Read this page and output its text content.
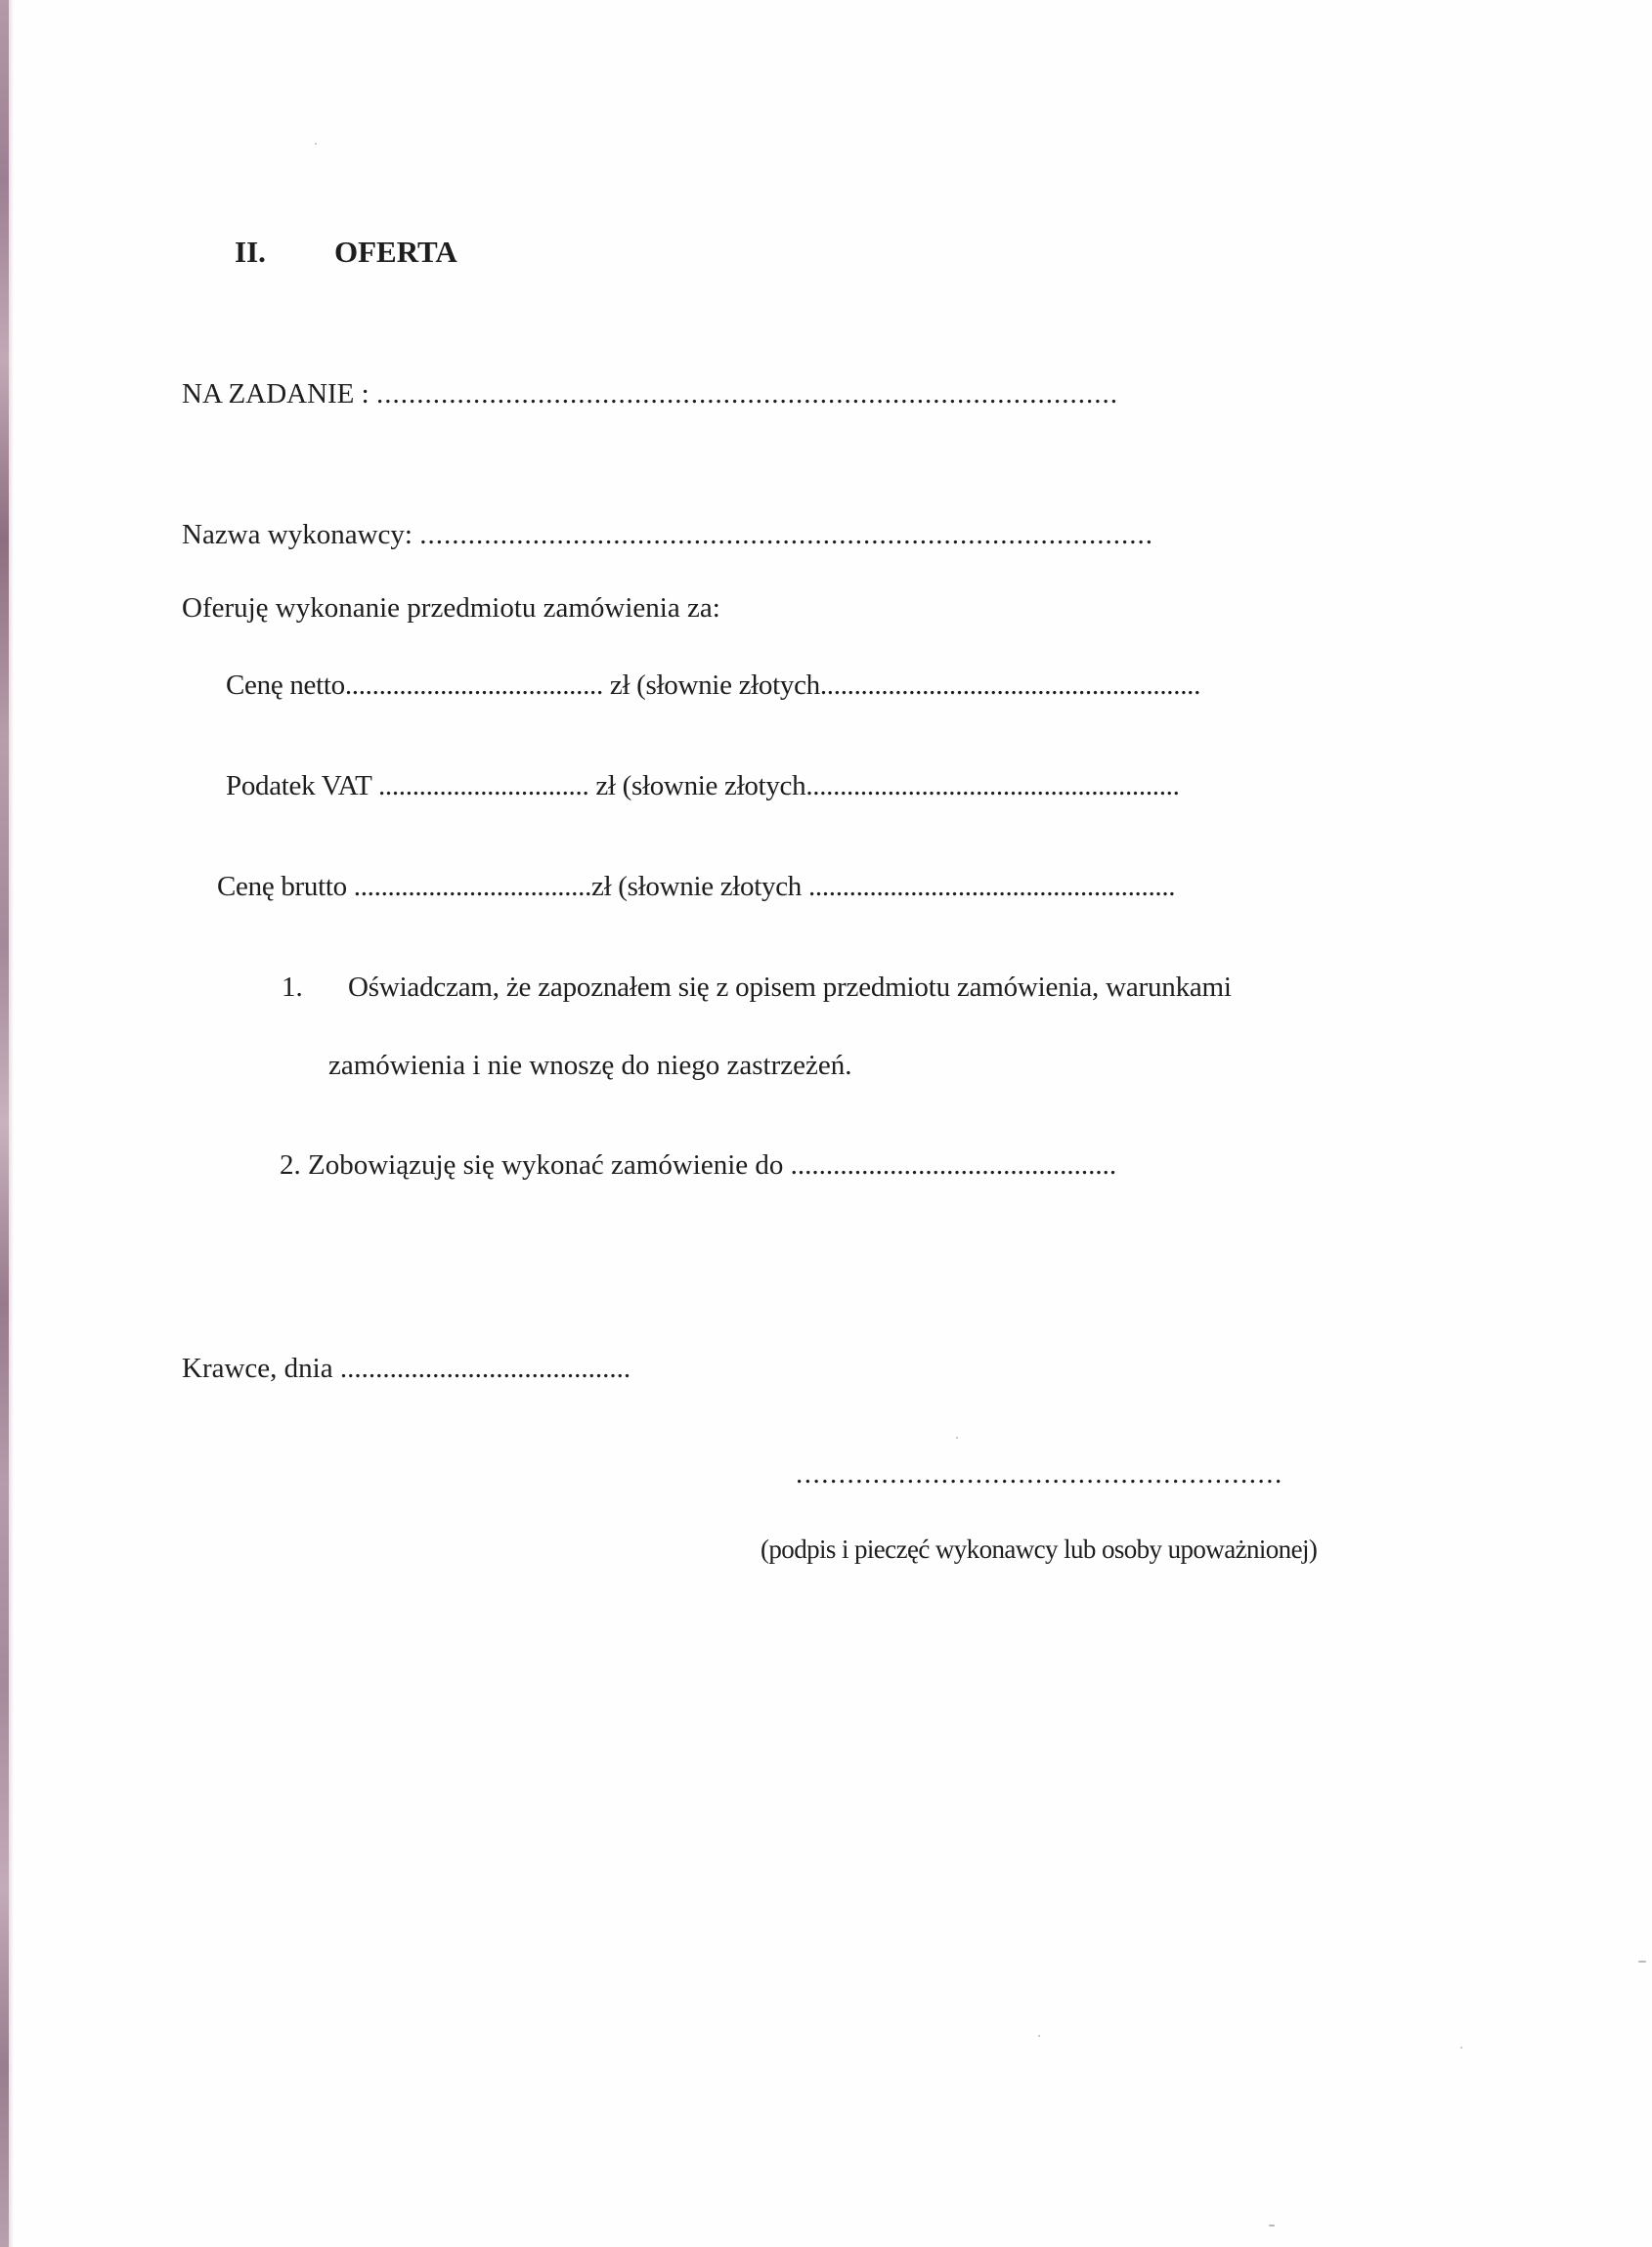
II. OFERTA
NA ZADANIE : ............................................................................................
Nazwa wykonawcy: ...........................................................................................
Oferuję wykonanie przedmiotu zamówienia za:
Cenę netto...................................... zł (słownie złotych........................................................
Podatek VAT ............................... zł (słownie złotych.......................................................
Cenę brutto ...................................zł (słownie złotych ......................................................
1. Oświadczam, że zapoznałem się z opisem przedmiotu zamówienia, warunkami
zamówienia i nie wnoszę do niego zastrzeżeń.
2. Zobowiązuję się wykonać zamówienie do ..............................................
Krawce, dnia .........................................
.........................................................
(podpis i pieczęć wykonawcy lub osoby upoważnionej)
